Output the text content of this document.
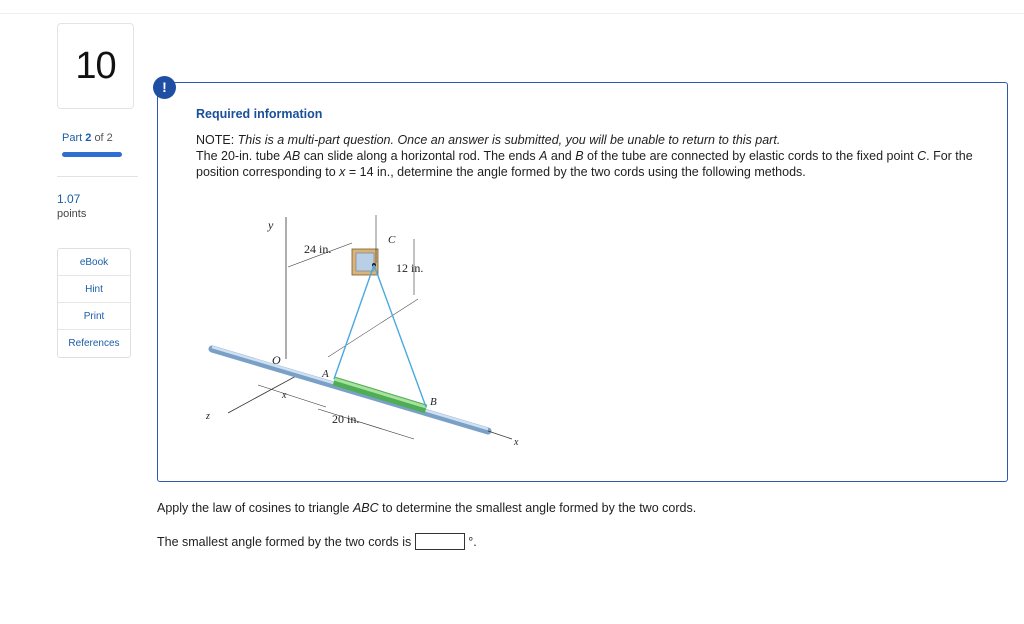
10
Part 2 of 2
1.07
points
eBook
Hint
Print
References
Required information
NOTE: This is a multi-part question. Once an answer is submitted, you will be unable to return to this part.
The 20-in. tube AB can slide along a horizontal rod. The ends A and B of the tube are connected by elastic cords to the fixed point C. For the position corresponding to x = 14 in., determine the angle formed by the two cords using the following methods.
y
z
C
24 in.
12 in.
O
A
B
x
20 in.
x
!
Apply the law of cosines to triangle ABC to determine the smallest angle formed by the two cords.
The smallest angle formed by the two cords is	°.
